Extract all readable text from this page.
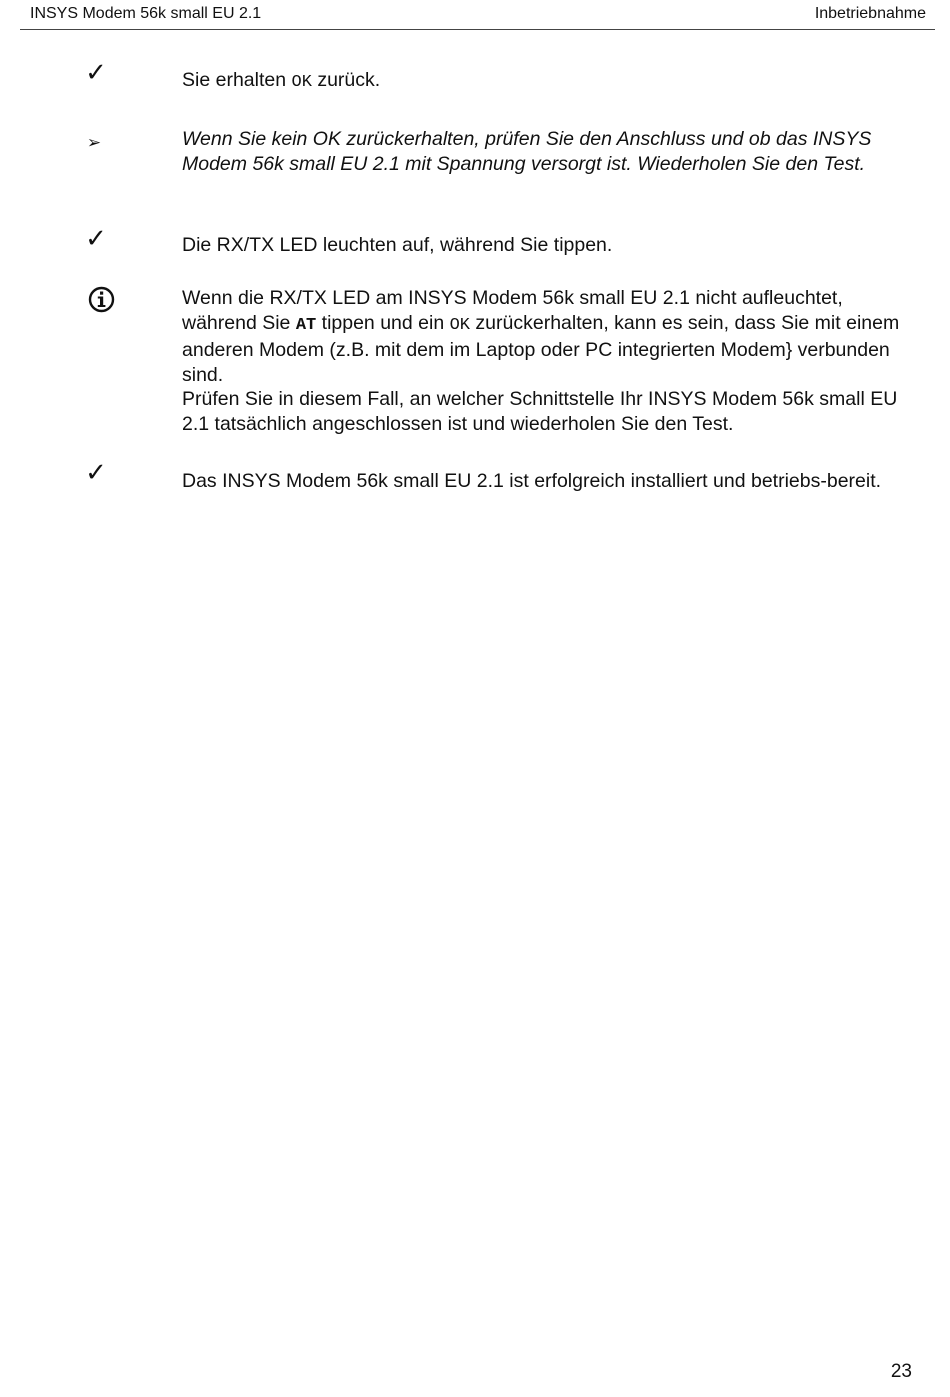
INSYS Modem 56k small EU 2.1	Inbetriebnahme
✓	Sie erhalten OK zurück.
➢	Wenn Sie kein OK zurückerhalten, prüfen Sie den Anschluss und ob das INSYS Modem 56k small EU 2.1 mit Spannung versorgt ist. Wiederholen Sie den Test.
✓	Die RX/TX LED leuchten auf, während Sie tippen.
Wenn die RX/TX LED am INSYS Modem 56k small EU 2.1 nicht aufleuchtet, während Sie AT tippen und ein OK zurückerhalten, kann es sein, dass Sie mit einem anderen Modem (z.B. mit dem im Laptop oder PC integrierten Modem} verbunden sind.
Prüfen Sie in diesem Fall, an welcher Schnittstelle Ihr INSYS Modem 56k small EU 2.1 tatsächlich angeschlossen ist und wiederholen Sie den Test.
✓	Das INSYS Modem 56k small EU 2.1 ist erfolgreich installiert und betriebs-bereit.
23
